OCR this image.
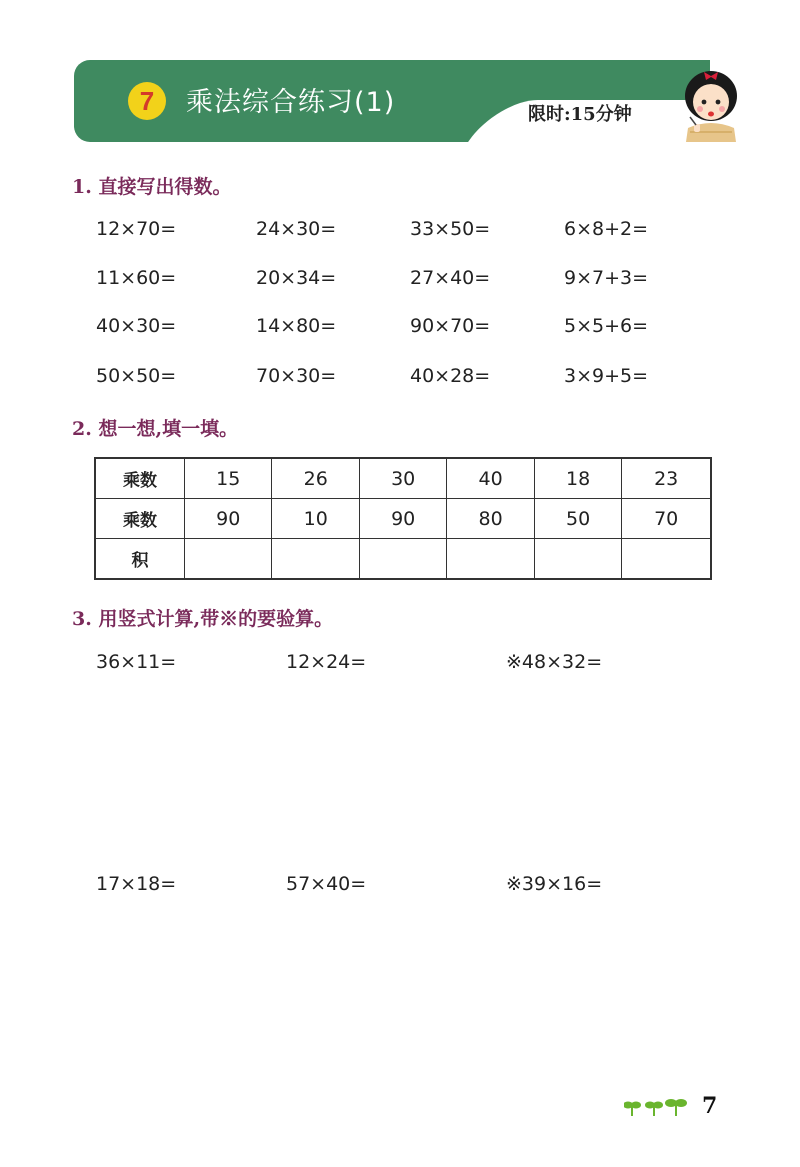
7	乘法综合练习(1)	限时:15分钟
1. 直接写出得数。
12×70=	24×30=	33×50=	6×8+2=
11×60=	20×34=	27×40=	9×7+3=
40×30=	14×80=	90×70=	5×5+6=
50×50=	70×30=	40×28=	3×9+5=
2. 想一想,填一填。
乘数	15	26	30	40	18	23
乘数	90	10	90	80	50	70
积						
3. 用竖式计算,带※的要验算。
36×11=	12×24=	※48×32=
17×18=	57×40=	※39×16=
7
